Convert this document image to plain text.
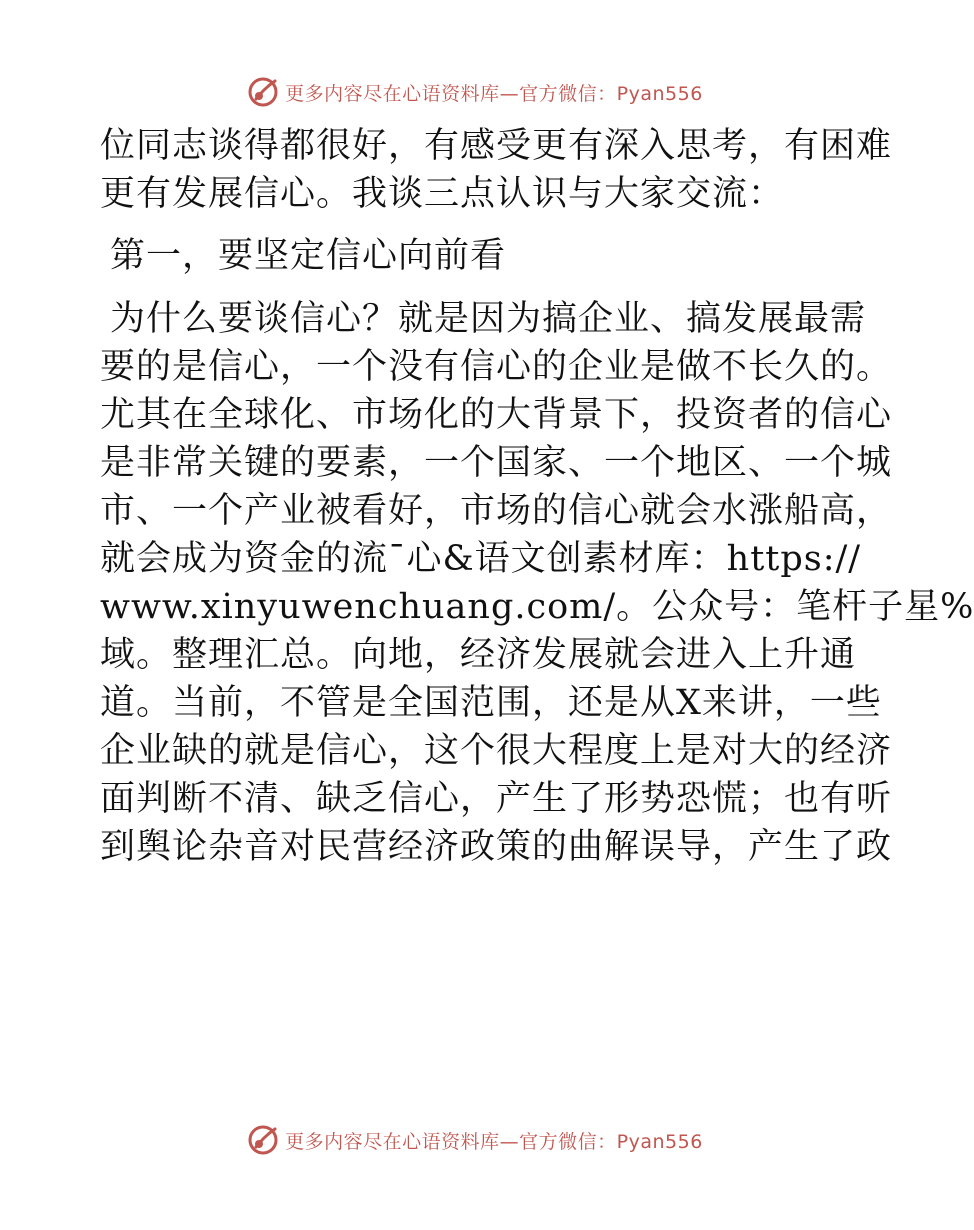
更多内容尽在心语资料库—官方微信：Pyan556
位同志谈得都很好，有感受更有深入思考，有困难
更有发展信心。我谈三点认识与大家交流：
第一，要坚定信心向前看
为什么要谈信心？就是因为搞企业、搞发展最需
要的是信心，一个没有信心的企业是做不长久的。
尤其在全球化、市场化的大背景下，投资者的信心
是非常关键的要素，一个国家、一个地区、一个城
市、一个产业被看好，市场的信心就会水涨船高，
就会成为资金的流¯心&语文创素材库：https://
www.xinyuwenchuang.com/。公众号：笔杆子星%
域。整理汇总。向地，经济发展就会进入上升通
道。当前，不管是全国范围，还是从X来讲，一些
企业缺的就是信心，这个很大程度上是对大的经济
面判断不清、缺乏信心，产生了形势恐慌；也有听
到舆论杂音对民营经济政策的曲解误导，产生了政
更多内容尽在心语资料库—官方微信：Pyan556
